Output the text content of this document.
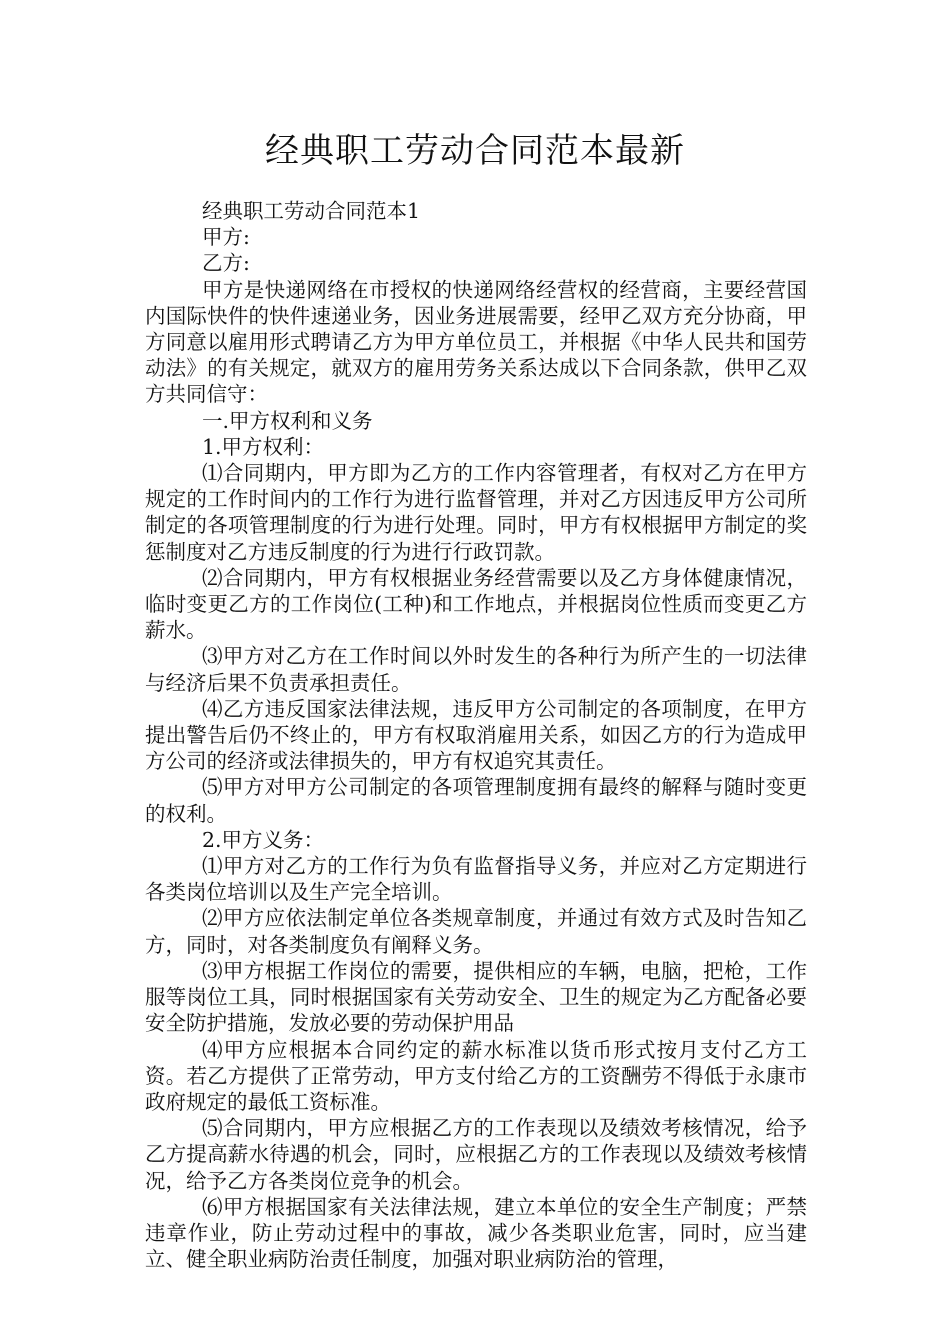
经典职工劳动合同范本最新

经典职工劳动合同范本1

甲方:

乙方:

甲方是快递网络在市授权的快递网络经营权的经营商，主要经营国内国际快件的快件速递业务，因业务进展需要，经甲乙双方充分协商，甲方同意以雇用形式聘请乙方为甲方单位员工，并根据《中华人民共和国劳动法》的有关规定，就双方的雇用劳务关系达成以下合同条款，供甲乙双方共同信守：

一.甲方权利和义务

1.甲方权利：

⑴合同期内，甲方即为乙方的工作内容管理者，有权对乙方在甲方规定的工作时间内的工作行为进行监督管理，并对乙方因违反甲方公司所制定的各项管理制度的行为进行处理。同时，甲方有权根据甲方制定的奖惩制度对乙方违反制度的行为进行行政罚款。

⑵合同期内，甲方有权根据业务经营需要以及乙方身体健康情况，临时变更乙方的工作岗位(工种)和工作地点，并根据岗位性质而变更乙方薪水。

⑶甲方对乙方在工作时间以外时发生的各种行为所产生的一切法律与经济后果不负责承担责任。

⑷乙方违反国家法律法规，违反甲方公司制定的各项制度，在甲方提出警告后仍不终止的，甲方有权取消雇用关系，如因乙方的行为造成甲方公司的经济或法律损失的，甲方有权追究其责任。

⑸甲方对甲方公司制定的各项管理制度拥有最终的解释与随时变更的权利。

2.甲方义务：

⑴甲方对乙方的工作行为负有监督指导义务，并应对乙方定期进行各类岗位培训以及生产完全培训。

⑵甲方应依法制定单位各类规章制度，并通过有效方式及时告知乙方，同时，对各类制度负有阐释义务。

⑶甲方根据工作岗位的需要，提供相应的车辆，电脑，把枪，工作服等岗位工具，同时根据国家有关劳动安全、卫生的规定为乙方配备必要安全防护措施，发放必要的劳动保护用品

⑷甲方应根据本合同约定的薪水标准以货币形式按月支付乙方工资。若乙方提供了正常劳动，甲方支付给乙方的工资酬劳不得低于永康市政府规定的最低工资标准。

⑸合同期内，甲方应根据乙方的工作表现以及绩效考核情况，给予乙方提高薪水待遇的机会，同时，应根据乙方的工作表现以及绩效考核情况，给予乙方各类岗位竞争的机会。

⑹甲方根据国家有关法律法规，建立本单位的安全生产制度；严禁违章作业，防止劳动过程中的事故，减少各类职业危害，同时，应当建立、健全职业病防治责任制度，加强对职业病防治的管理，
